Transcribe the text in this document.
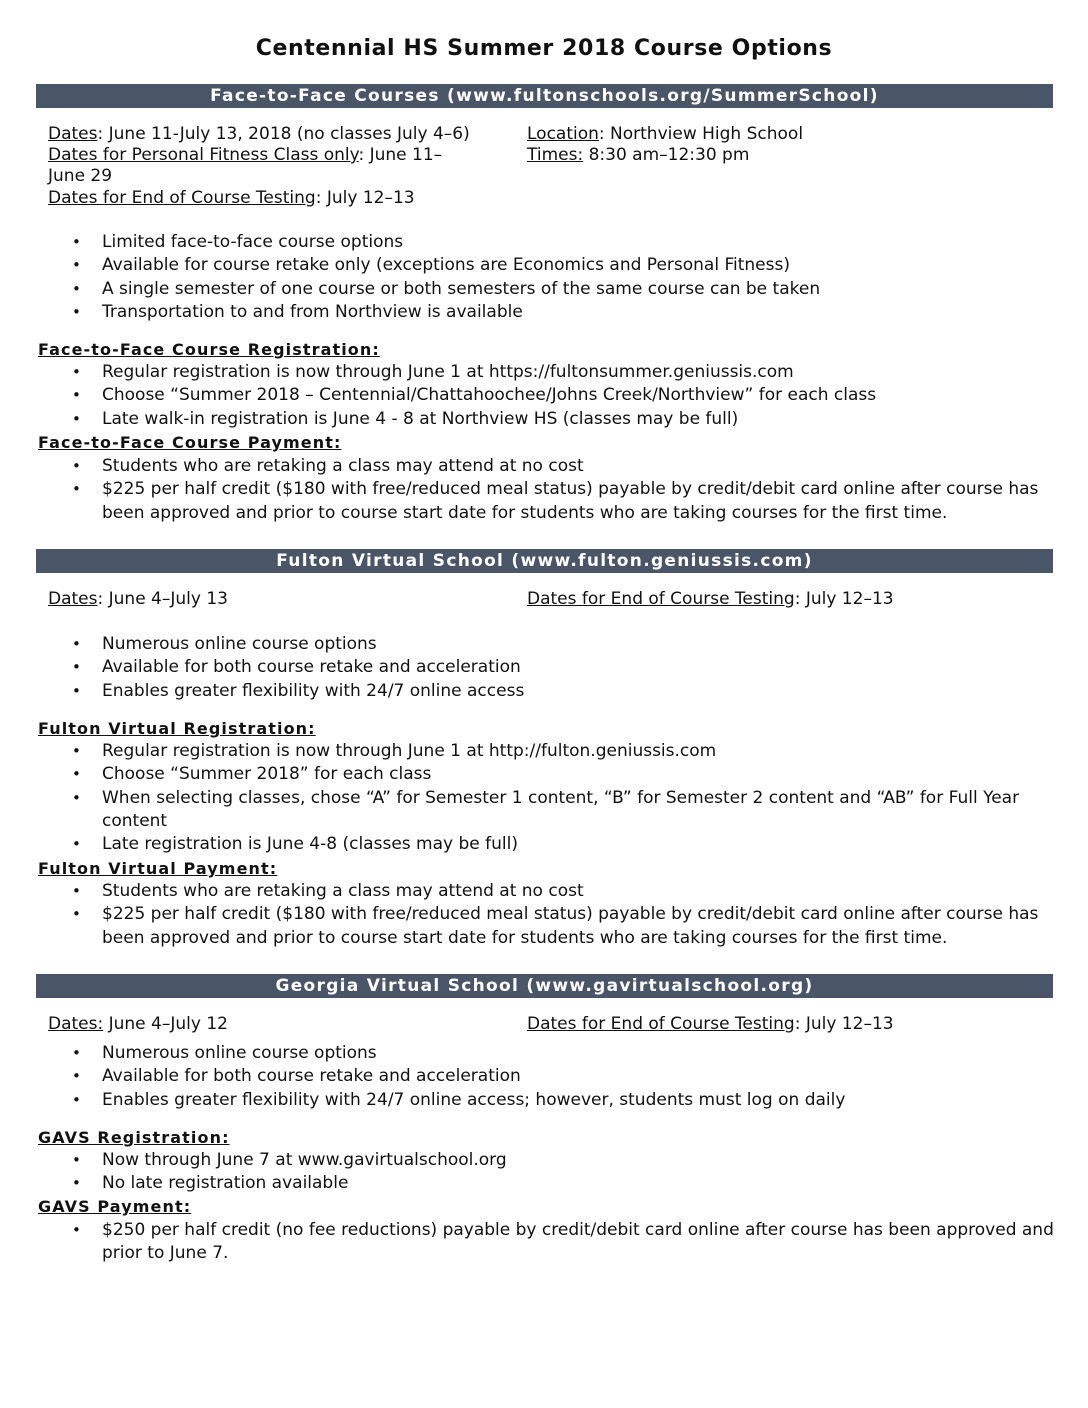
Centennial HS Summer 2018 Course Options
Face-to-Face Courses (www.fultonschools.org/SummerSchool)
Dates: June 11-July 13, 2018 (no classes July 4–6)	Location: Northview High School
Dates for Personal Fitness Class only: June 11–	Times: 8:30 am–12:30 pm
June 29
Dates for End of Course Testing: July 12–13
• Limited face-to-face course options
• Available for course retake only (exceptions are Economics and Personal Fitness)
• A single semester of one course or both semesters of the same course can be taken
• Transportation to and from Northview is available
Face-to-Face Course Registration:
• Regular registration is now through June 1 at https://fultonsummer.geniussis.com
• Choose “Summer 2018 – Centennial/Chattahoochee/Johns Creek/Northview” for each class
• Late walk-in registration is June 4 - 8 at Northview HS (classes may be full)
Face-to-Face Course Payment:
• Students who are retaking a class may attend at no cost
• $225 per half credit ($180 with free/reduced meal status) payable by credit/debit card online after course has been approved and prior to course start date for students who are taking courses for the first time.
Fulton Virtual School (www.fulton.geniussis.com)
Dates: June 4–July 13	Dates for End of Course Testing: July 12–13
• Numerous online course options
• Available for both course retake and acceleration
• Enables greater flexibility with 24/7 online access
Fulton Virtual Registration:
• Regular registration is now through June 1 at http://fulton.geniussis.com
• Choose “Summer 2018” for each class
• When selecting classes, chose “A” for Semester 1 content, “B” for Semester 2 content and “AB” for Full Year content
• Late registration is June 4-8 (classes may be full)
Fulton Virtual Payment:
• Students who are retaking a class may attend at no cost
• $225 per half credit ($180 with free/reduced meal status) payable by credit/debit card online after course has been approved and prior to course start date for students who are taking courses for the first time.
Georgia Virtual School (www.gavirtualschool.org)
Dates: June 4–July 12	Dates for End of Course Testing: July 12–13
• Numerous online course options
• Available for both course retake and acceleration
• Enables greater flexibility with 24/7 online access; however, students must log on daily
GAVS Registration:
• Now through June 7 at www.gavirtualschool.org
• No late registration available
GAVS Payment:
• $250 per half credit (no fee reductions) payable by credit/debit card online after course has been approved and prior to June 7.
